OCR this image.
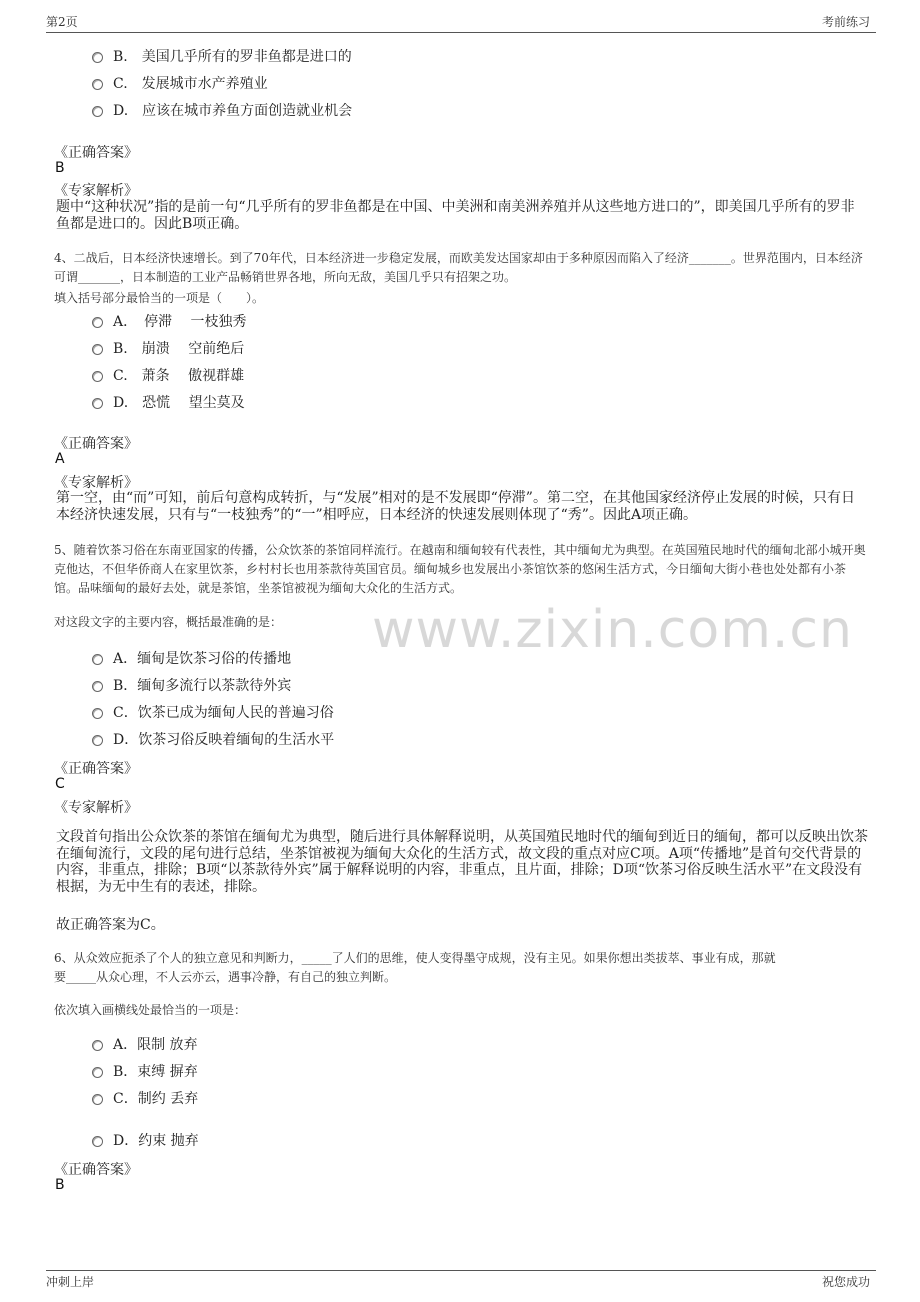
第2页	考前练习
B.　美国几乎所有的罗非鱼都是进口的
C.　发展城市水产养殖业
D.　应该在城市养鱼方面创造就业机会
《正确答案》
B
《专家解析》
题中“这种状况”指的是前一句“几乎所有的罗非鱼都是在中国、中美洲和南美洲养殖并从这些地方进口的”，即美国几乎所有的罗非鱼都是进口的。因此B项正确。
4、二战后，日本经济快速增长。到了70年代，日本经济进一步稳定发展，而欧美发达国家却由于多种原因而陷入了经济_______。世界范围内，日本经济可谓_______，日本制造的工业产品畅销世界各地，所向无敌，美国几乎只有招架之功。
填入括号部分最恰当的一项是（　　）。
A．　停滞　 一枝独秀
B.　崩溃　 空前绝后
C.　萧条　 傲视群雄
D.　恐慌　 望尘莫及
《正确答案》
A
《专家解析》
第一空，由“而”可知，前后句意构成转折，与“发展”相对的是不发展即“停滞”。第二空，在其他国家经济停止发展的时候，只有日本经济快速发展，只有与“一枝独秀”的“一”相呼应，日本经济的快速发展则体现了“秀”。因此A项正确。
5、随着饮茶习俗在东南亚国家的传播，公众饮茶的茶馆同样流行。在越南和缅甸较有代表性，其中缅甸尤为典型。在英国殖民地时代的缅甸北部小城开奥克他达，不但华侨商人在家里饮茶，乡村村长也用茶款待英国官员。缅甸城乡也发展出小茶馆饮茶的悠闲生活方式，今日缅甸大街小巷也处处都有小茶馆。品味缅甸的最好去处，就是茶馆，坐茶馆被视为缅甸大众化的生活方式。
对这段文字的主要内容，概括最准确的是： www.zixin.com.cn
A．缅甸是饮茶习俗的传播地
B．缅甸多流行以茶款待外宾
C．饮茶已成为缅甸人民的普遍习俗
D．饮茶习俗反映着缅甸的生活水平
《正确答案》
C
《专家解析》
文段首句指出公众饮茶的茶馆在缅甸尤为典型，随后进行具体解释说明，从英国殖民地时代的缅甸到近日的缅甸，都可以反映出饮茶在缅甸流行，文段的尾句进行总结，坐茶馆被视为缅甸大众化的生活方式，故文段的重点对应C项。A项“传播地”是首句交代背景的内容，非重点，排除；B项“以茶款待外宾”属于解释说明的内容，非重点，且片面，排除；D项“饮茶习俗反映生活水平”在文段没有根据，为无中生有的表述，排除。
故正确答案为C。
6、从众效应扼杀了个人的独立意见和判断力，_____了人们的思维，使人变得墨守成规，没有主见。如果你想出类拔萃、事业有成，那就
要_____从众心理，不人云亦云，遇事冷静，有自己的独立判断。
依次填入画横线处最恰当的一项是：
A．限制 放弃
B．束缚 摒弃
C．制约 丢弃
D．约束 抛弃
《正确答案》
B
冲刺上岸	祝您成功
